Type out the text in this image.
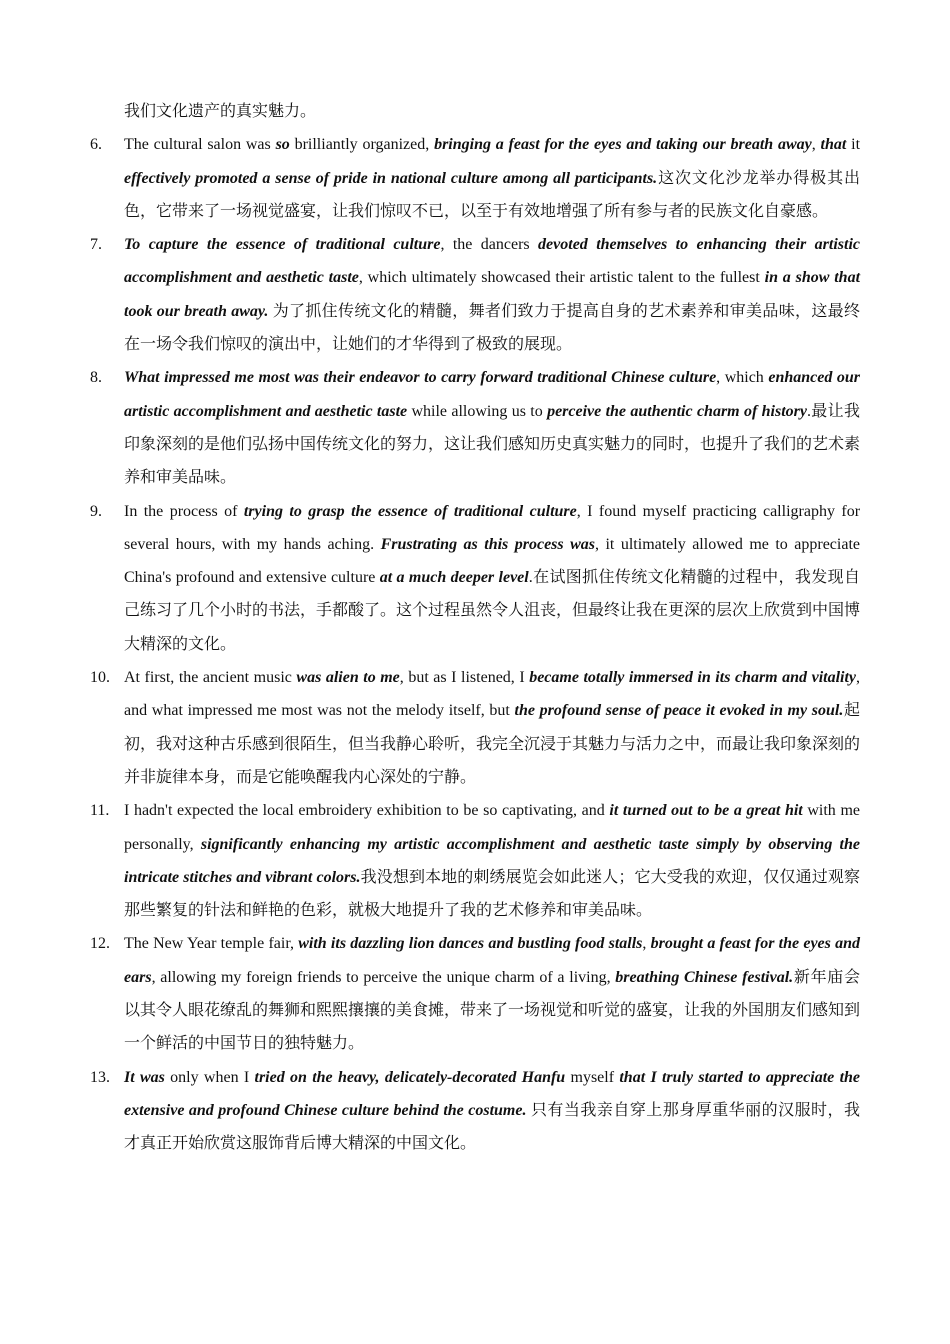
我们文化遗产的真实魅力。

6.	The cultural salon was so brilliantly organized, bringing a feast for the eyes and taking our breath away, that it effectively promoted a sense of pride in national culture among all participants.这次文化沙龙举办得极其出色，它带来了一场视觉盛宴，让我们惊叹不已，以至于有效地增强了所有参与者的民族文化自豪感。
7.	To capture the essence of traditional culture, the dancers devoted themselves to enhancing their artistic accomplishment and aesthetic taste, which ultimately showcased their artistic talent to the fullest in a show that took our breath away. 为了抓住传统文化的精髓，舞者们致力于提高自身的艺术素养和审美品味，这最终在一场令我们惊叹的演出中，让她们的才华得到了极致的展现。
8.	What impressed me most was their endeavor to carry forward traditional Chinese culture, which enhanced our artistic accomplishment and aesthetic taste while allowing us to perceive the authentic charm of history.最让我印象深刻的是他们弘扬中国传统文化的努力，这让我们感知历史真实魅力的同时，也提升了我们的艺术素养和审美品味。
9.	In the process of trying to grasp the essence of traditional culture, I found myself practicing calligraphy for several hours, with my hands aching. Frustrating as this process was, it ultimately allowed me to appreciate China's profound and extensive culture at a much deeper level.在试图抓住传统文化精髓的过程中，我发现自己练习了几个小时的书法，手都酸了。这个过程虽然令人沮丧，但最终让我在更深的层次上欣赏到中国博大精深的文化。
10. At first, the ancient music was alien to me, but as I listened, I became totally immersed in its charm and vitality, and what impressed me most was not the melody itself, but the profound sense of peace it evoked in my soul.起初，我对这种古乐感到很陌生，但当我静心聆听，我完全沉浸于其魅力与活力之中，而最让我印象深刻的并非旋律本身，而是它能唤醒我内心深处的宁静。
11. I hadn't expected the local embroidery exhibition to be so captivating, and it turned out to be a great hit with me personally, significantly enhancing my artistic accomplishment and aesthetic taste simply by observing the intricate stitches and vibrant colors.我没想到本地的刺绣展览会如此迷人；它大受我的欢迎，仅仅通过观察那些繁复的针法和鲜艳的色彩，就极大地提升了我的艺术修养和审美品味。
12. The New Year temple fair, with its dazzling lion dances and bustling food stalls, brought a feast for the eyes and ears, allowing my foreign friends to perceive the unique charm of a living, breathing Chinese festival.新年庙会以其令人眼花缭乱的舞狮和熙熙攘攘的美食摊，带来了一场视觉和听觉的盛宴，让我的外国朋友们感知到一个鲜活的中国节日的独特魅力。
13. It was only when I tried on the heavy, delicately-decorated Hanfu myself that I truly started to appreciate the extensive and profound Chinese culture behind the costume. 只有当我亲自穿上那身厚重华丽的汉服时，我才真正开始欣赏这服饰背后博大精深的中国文化。
